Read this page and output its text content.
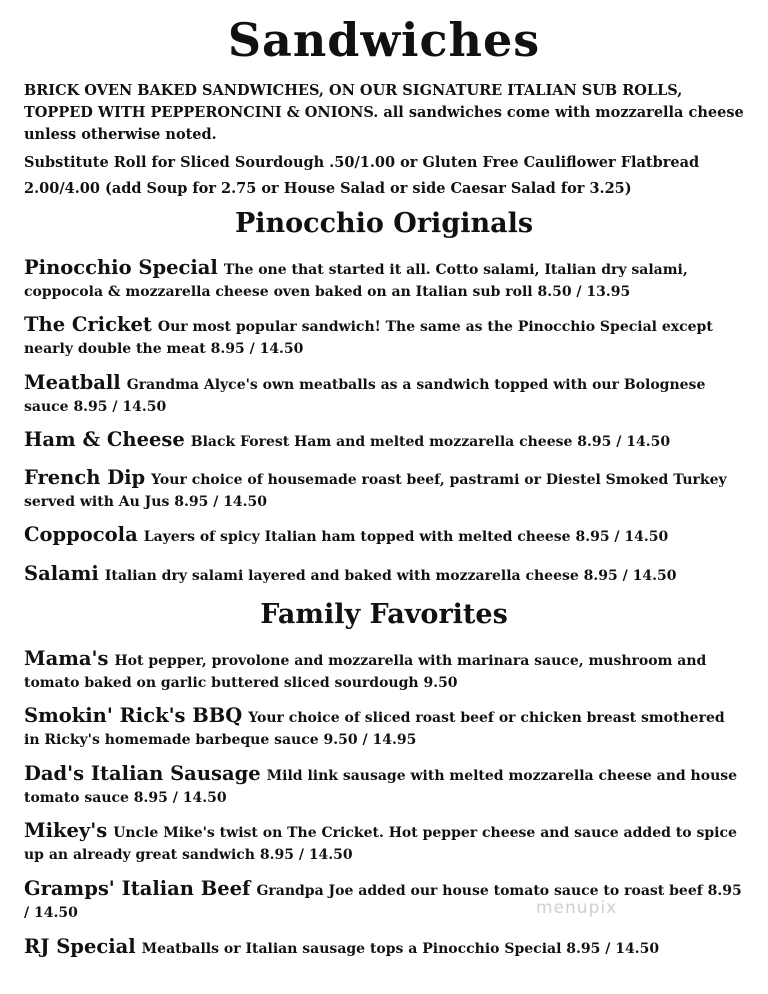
Sandwiches
BRICK OVEN BAKED SANDWICHES, ON OUR SIGNATURE ITALIAN SUB ROLLS, TOPPED WITH PEPPERONCINI & ONIONS. all sandwiches come with mozzarella cheese unless otherwise noted.
Substitute Roll for Sliced Sourdough .50/1.00 or Gluten Free Cauliflower Flatbread 2.00/4.00 (add Soup for 2.75 or House Salad or side Caesar Salad for 3.25)
Pinocchio Originals
Pinocchio Special The one that started it all. Cotto salami, Italian dry salami, coppocola & mozzarella cheese oven baked on an Italian sub roll 8.50 / 13.95
The Cricket Our most popular sandwich! The same as the Pinocchio Special except nearly double the meat 8.95 / 14.50
Meatball Grandma Alyce's own meatballs as a sandwich topped with our Bolognese sauce 8.95 / 14.50
Ham & Cheese Black Forest Ham and melted mozzarella cheese 8.95 / 14.50
French Dip Your choice of housemade roast beef, pastrami or Diestel Smoked Turkey served with Au Jus 8.95 / 14.50
Coppocola Layers of spicy Italian ham topped with melted cheese 8.95 / 14.50
Salami Italian dry salami layered and baked with mozzarella cheese 8.95 / 14.50
Family Favorites
Mama's Hot pepper, provolone and mozzarella with marinara sauce, mushroom and tomato baked on garlic buttered sliced sourdough 9.50
Smokin' Rick's BBQ Your choice of sliced roast beef or chicken breast smothered in Ricky's homemade barbeque sauce 9.50 / 14.95
Dad's Italian Sausage Mild link sausage with melted mozzarella cheese and house tomato sauce 8.95 / 14.50
Mikey's Uncle Mike's twist on The Cricket. Hot pepper cheese and sauce added to spice up an already great sandwich 8.95 / 14.50
Gramps' Italian Beef Grandpa Joe added our house tomato sauce to roast beef 8.95 / 14.50
RJ Special Meatballs or Italian sausage tops a Pinocchio Special 8.95 / 14.50
menupix
